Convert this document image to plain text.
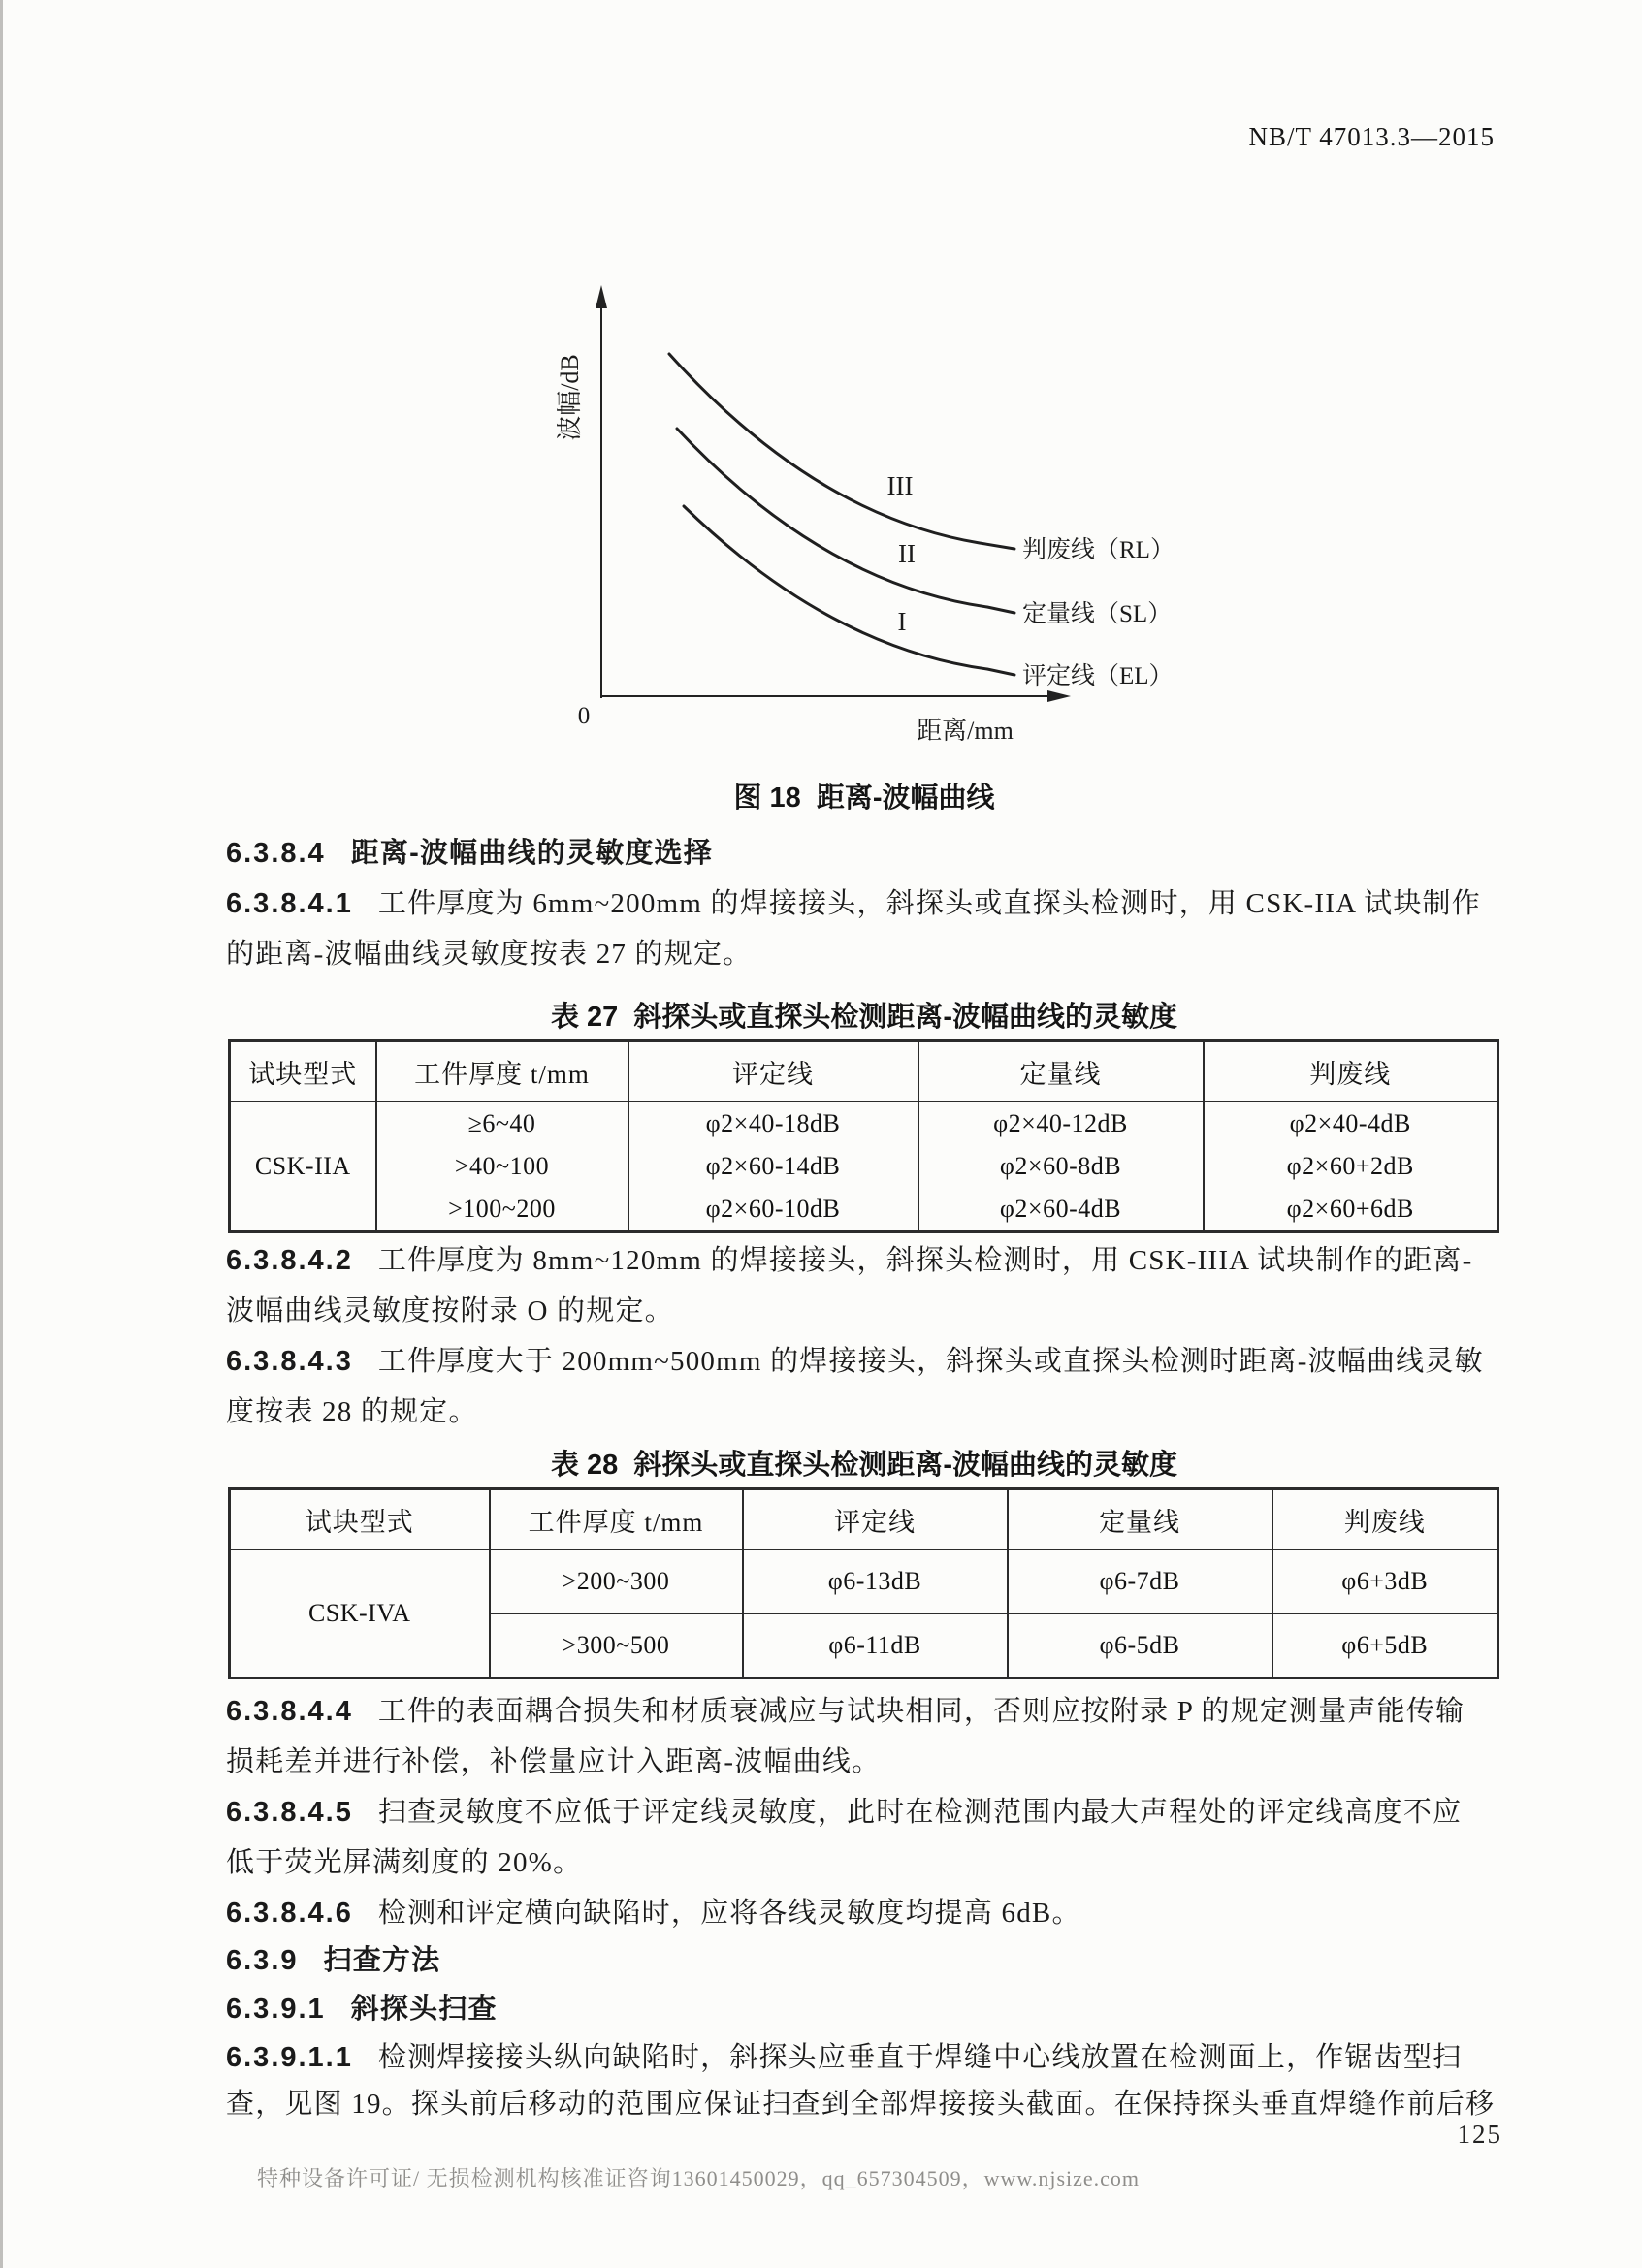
NB/T 47013.3—2015
波幅/dB
0
距离/mm
III
II
I
判废线（RL）
定量线（SL）
评定线（EL）
图 18  距离-波幅曲线
6.3.8.4 距离-波幅曲线的灵敏度选择
6.3.8.4.1 工件厚度为 6mm~200mm 的焊接接头，斜探头或直探头检测时，用 CSK-IIA 试块制作
的距离-波幅曲线灵敏度按表 27 的规定。
表 27  斜探头或直探头检测距离-波幅曲线的灵敏度
试块型式	工件厚度 t/mm	评定线	定量线	判废线
CSK-IIA	≥6~40	φ2×40-18dB	φ2×40-12dB	φ2×40-4dB
	>40~100	φ2×60-14dB	φ2×60-8dB	φ2×60+2dB
	>100~200	φ2×60-10dB	φ2×60-4dB	φ2×60+6dB
6.3.8.4.2 工件厚度为 8mm~120mm 的焊接接头，斜探头检测时，用 CSK-IIIA 试块制作的距离-
波幅曲线灵敏度按附录 O 的规定。
6.3.8.4.3 工件厚度大于 200mm~500mm 的焊接接头，斜探头或直探头检测时距离-波幅曲线灵敏
度按表 28 的规定。
表 28  斜探头或直探头检测距离-波幅曲线的灵敏度
试块型式	工件厚度 t/mm	评定线	定量线	判废线
CSK-IVA	>200~300	φ6-13dB	φ6-7dB	φ6+3dB
	>300~500	φ6-11dB	φ6-5dB	φ6+5dB
6.3.8.4.4 工件的表面耦合损失和材质衰减应与试块相同，否则应按附录 P 的规定测量声能传输
损耗差并进行补偿，补偿量应计入距离-波幅曲线。
6.3.8.4.5 扫查灵敏度不应低于评定线灵敏度，此时在检测范围内最大声程处的评定线高度不应
低于荧光屏满刻度的 20%。
6.3.8.4.6 检测和评定横向缺陷时，应将各线灵敏度均提高 6dB。
6.3.9 扫查方法
6.3.9.1 斜探头扫查
6.3.9.1.1 检测焊接接头纵向缺陷时，斜探头应垂直于焊缝中心线放置在检测面上，作锯齿型扫
查，见图 19。探头前后移动的范围应保证扫查到全部焊接接头截面。在保持探头垂直焊缝作前后移
125
特种设备许可证/ 无损检测机构核准证咨询13601450029，qq_657304509，www.njsize.com
